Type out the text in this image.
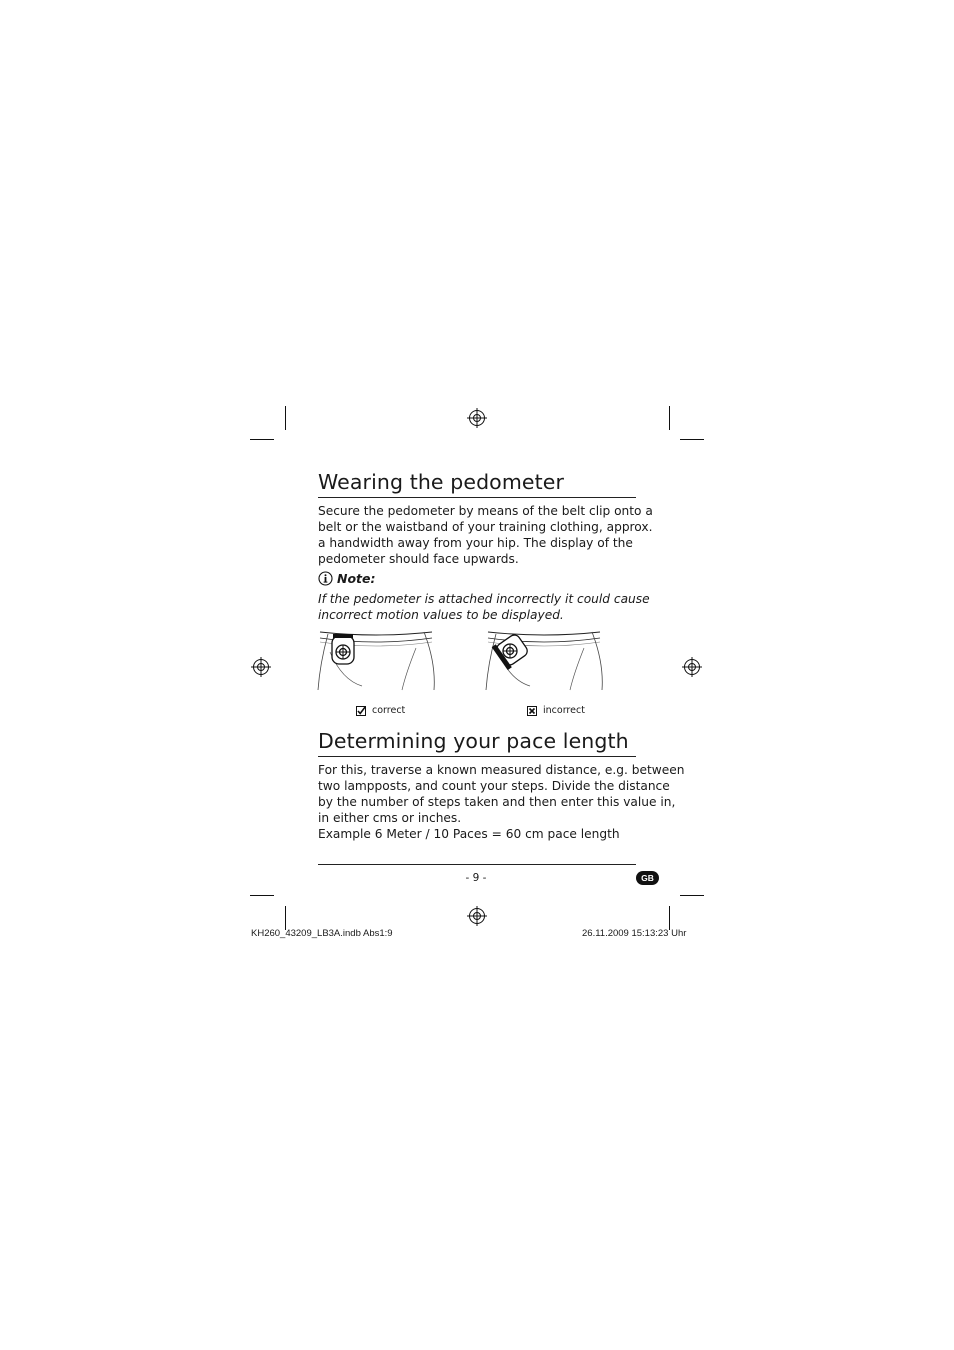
Wearing the pedometer
Secure the pedometer by means of the belt clip onto a
belt or the waistband of your training clothing, approx.
a handwidth away from your hip. The display of the
pedometer should face upwards.
Note:
If the pedometer is attached incorrectly it could cause
incorrect motion values to be displayed.
correct	incorrect
Determining your pace length
For this, traverse a known measured distance, e.g. between
two lampposts, and count your steps. Divide the distance
by the number of steps taken and then enter this value in,
in either cms or inches.
Example 6 Meter / 10 Paces = 60 cm pace length
- 9 -	GB
KH260_43209_LB3A.indb Abs1:9	26.11.2009 15:13:23 Uhr
